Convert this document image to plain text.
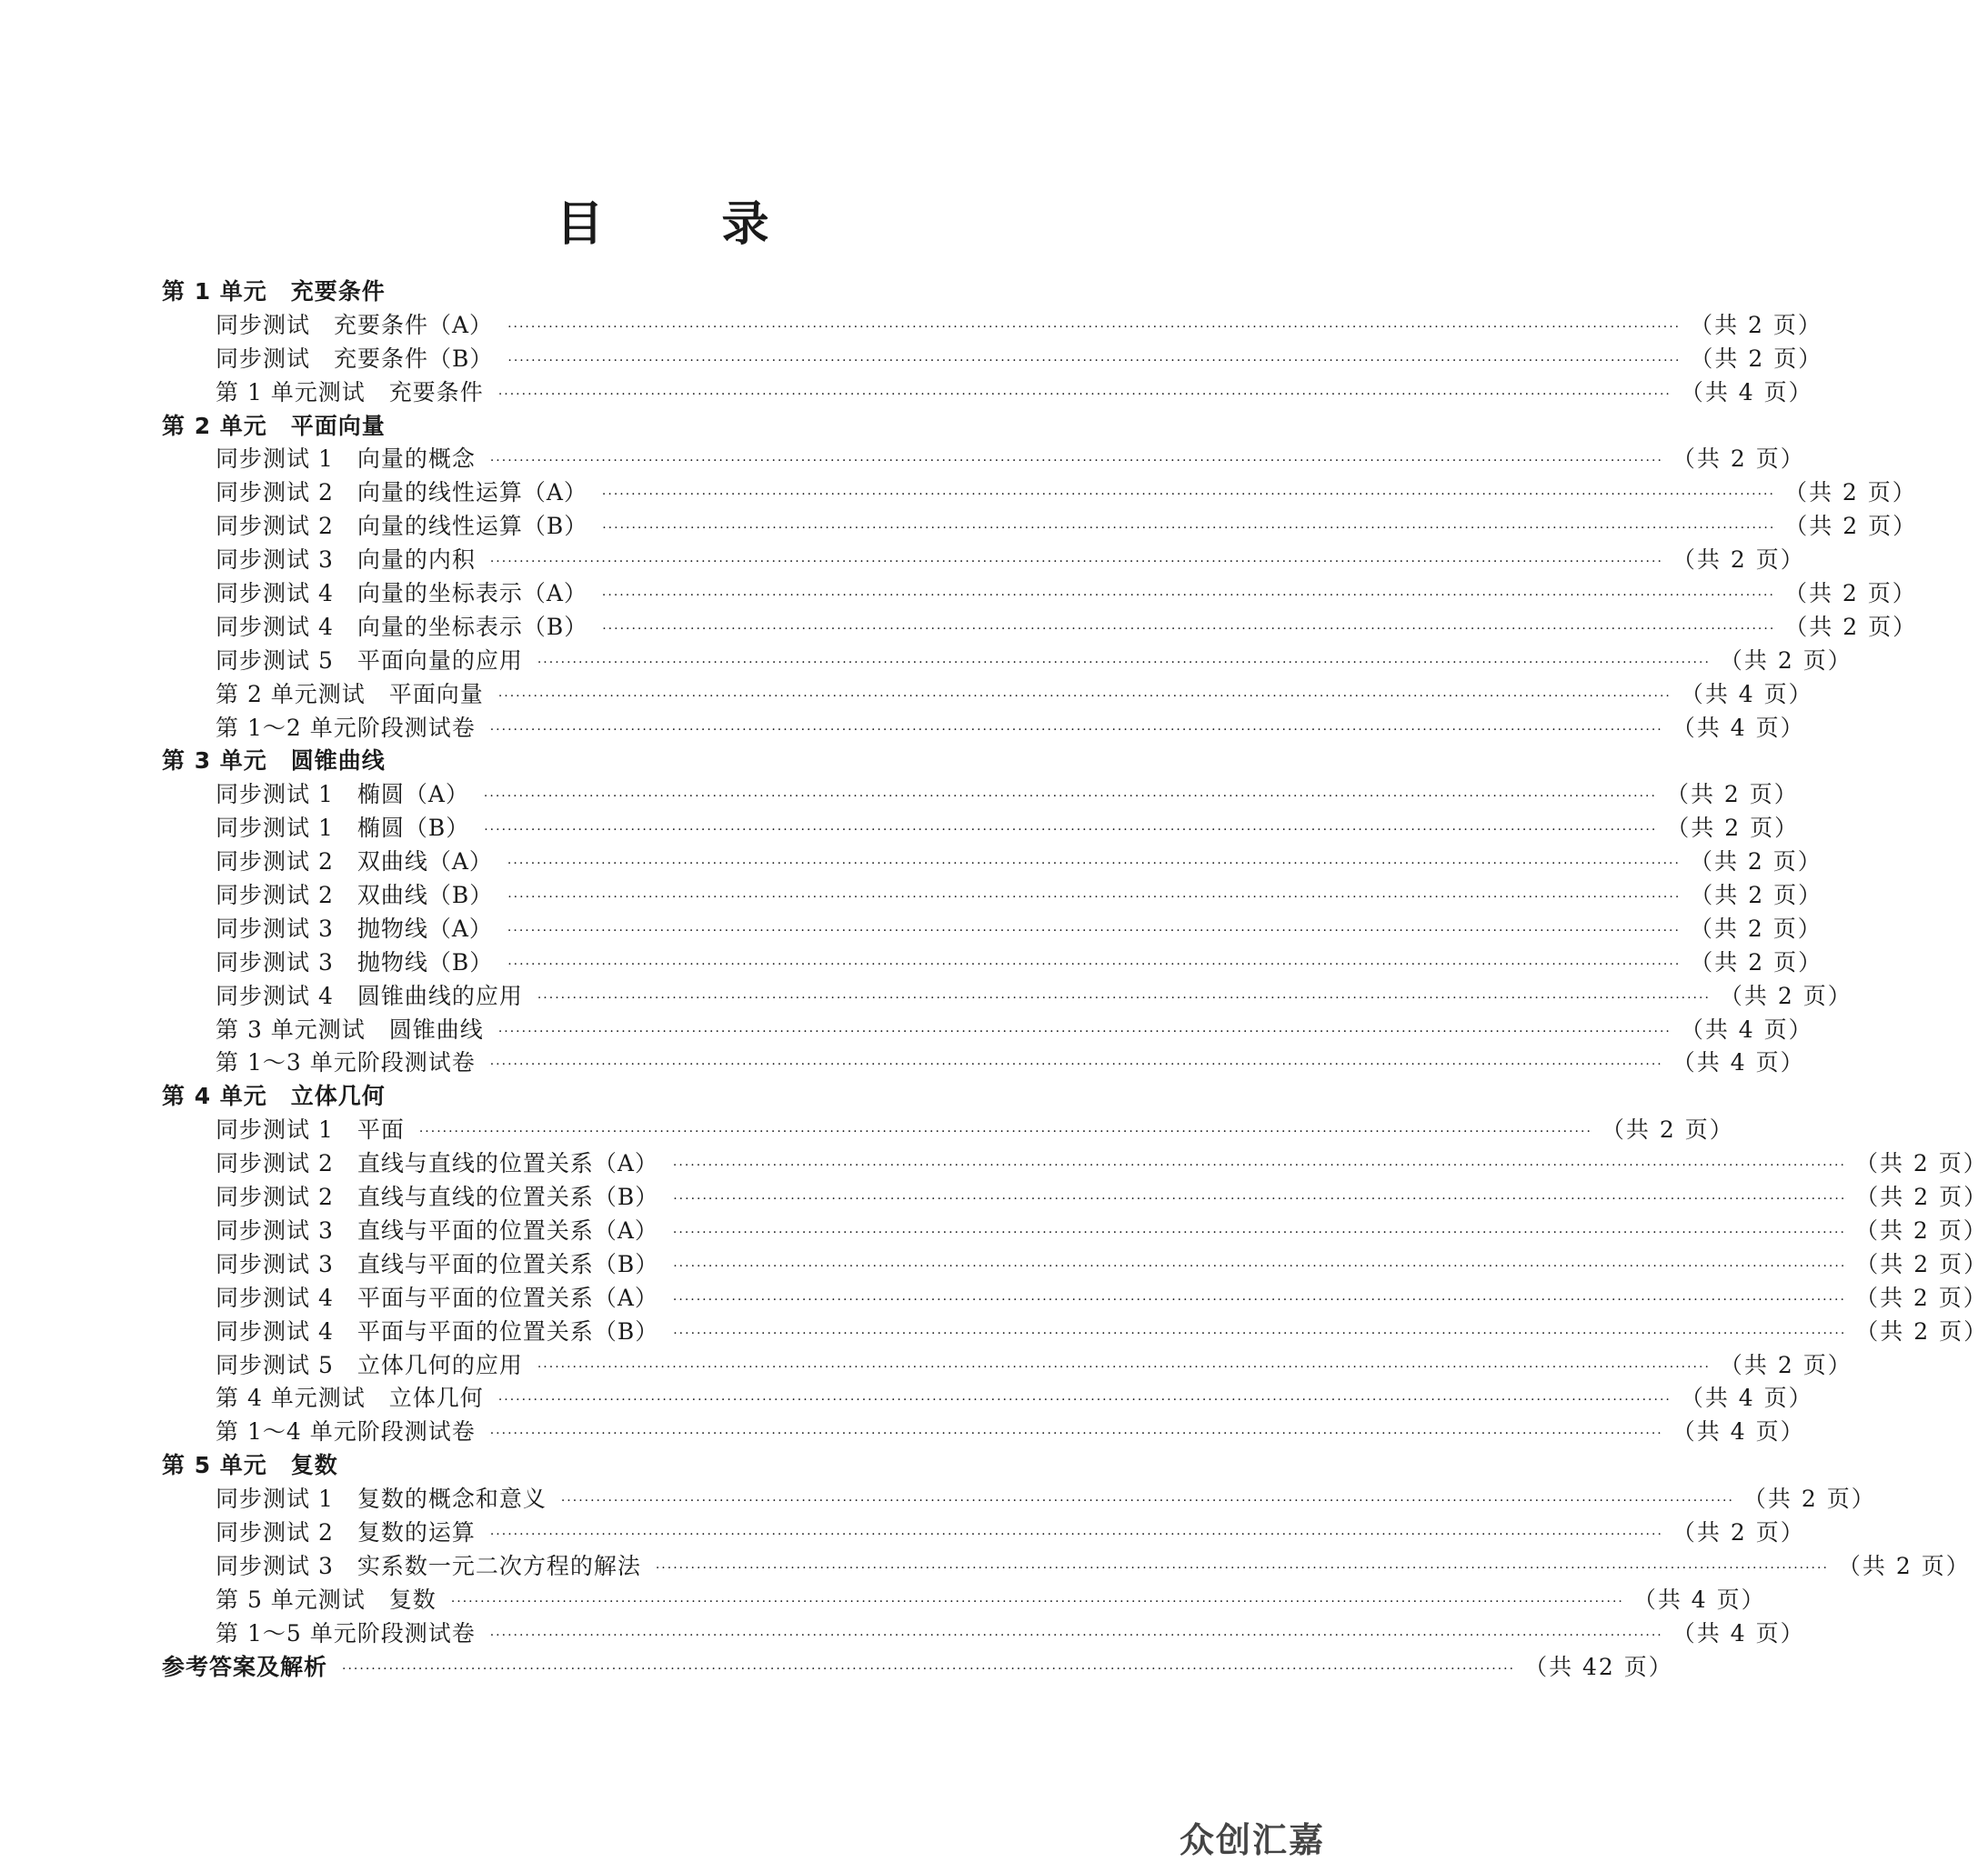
目 录
第 1 单元　充要条件
同步测试　充要条件（A） ········································································································································································································ （共 2 页）
同步测试　充要条件（B） ········································································································································································································ （共 2 页）
第 1 单元测试　充要条件 ········································································································································································································ （共 4 页）
第 2 单元　平面向量
同步测试 1　向量的概念 ········································································································································································································ （共 2 页）
同步测试 2　向量的线性运算（A） ········································································································································································································ （共 2 页）
同步测试 2　向量的线性运算（B） ········································································································································································································ （共 2 页）
同步测试 3　向量的内积 ········································································································································································································ （共 2 页）
同步测试 4　向量的坐标表示（A） ········································································································································································································ （共 2 页）
同步测试 4　向量的坐标表示（B） ········································································································································································································ （共 2 页）
同步测试 5　平面向量的应用 ········································································································································································································ （共 2 页）
第 2 单元测试　平面向量 ········································································································································································································ （共 4 页）
第 1～2 单元阶段测试卷 ········································································································································································································ （共 4 页）
第 3 单元　圆锥曲线
同步测试 1　椭圆（A） ········································································································································································································ （共 2 页）
同步测试 1　椭圆（B） ········································································································································································································ （共 2 页）
同步测试 2　双曲线（A） ········································································································································································································ （共 2 页）
同步测试 2　双曲线（B） ········································································································································································································ （共 2 页）
同步测试 3　抛物线（A） ········································································································································································································ （共 2 页）
同步测试 3　抛物线（B） ········································································································································································································ （共 2 页）
同步测试 4　圆锥曲线的应用 ········································································································································································································ （共 2 页）
第 3 单元测试　圆锥曲线 ········································································································································································································ （共 4 页）
第 1～3 单元阶段测试卷 ········································································································································································································ （共 4 页）
第 4 单元　立体几何
同步测试 1　平面 ········································································································································································································ （共 2 页）
同步测试 2　直线与直线的位置关系（A） ········································································································································································································ （共 2 页）
同步测试 2　直线与直线的位置关系（B） ········································································································································································································ （共 2 页）
同步测试 3　直线与平面的位置关系（A） ········································································································································································································ （共 2 页）
同步测试 3　直线与平面的位置关系（B） ········································································································································································································ （共 2 页）
同步测试 4　平面与平面的位置关系（A） ········································································································································································································ （共 2 页）
同步测试 4　平面与平面的位置关系（B） ········································································································································································································ （共 2 页）
同步测试 5　立体几何的应用 ········································································································································································································ （共 2 页）
第 4 单元测试　立体几何 ········································································································································································································ （共 4 页）
第 1～4 单元阶段测试卷 ········································································································································································································ （共 4 页）
第 5 单元　复数
同步测试 1　复数的概念和意义 ········································································································································································································ （共 2 页）
同步测试 2　复数的运算 ········································································································································································································ （共 2 页）
同步测试 3　实系数一元二次方程的解法 ········································································································································································································ （共 2 页）
第 5 单元测试　复数 ········································································································································································································ （共 4 页）
第 1～5 单元阶段测试卷 ········································································································································································································ （共 4 页）
参考答案及解析 ········································································································································································································ （共 42 页）
众创汇嘉
